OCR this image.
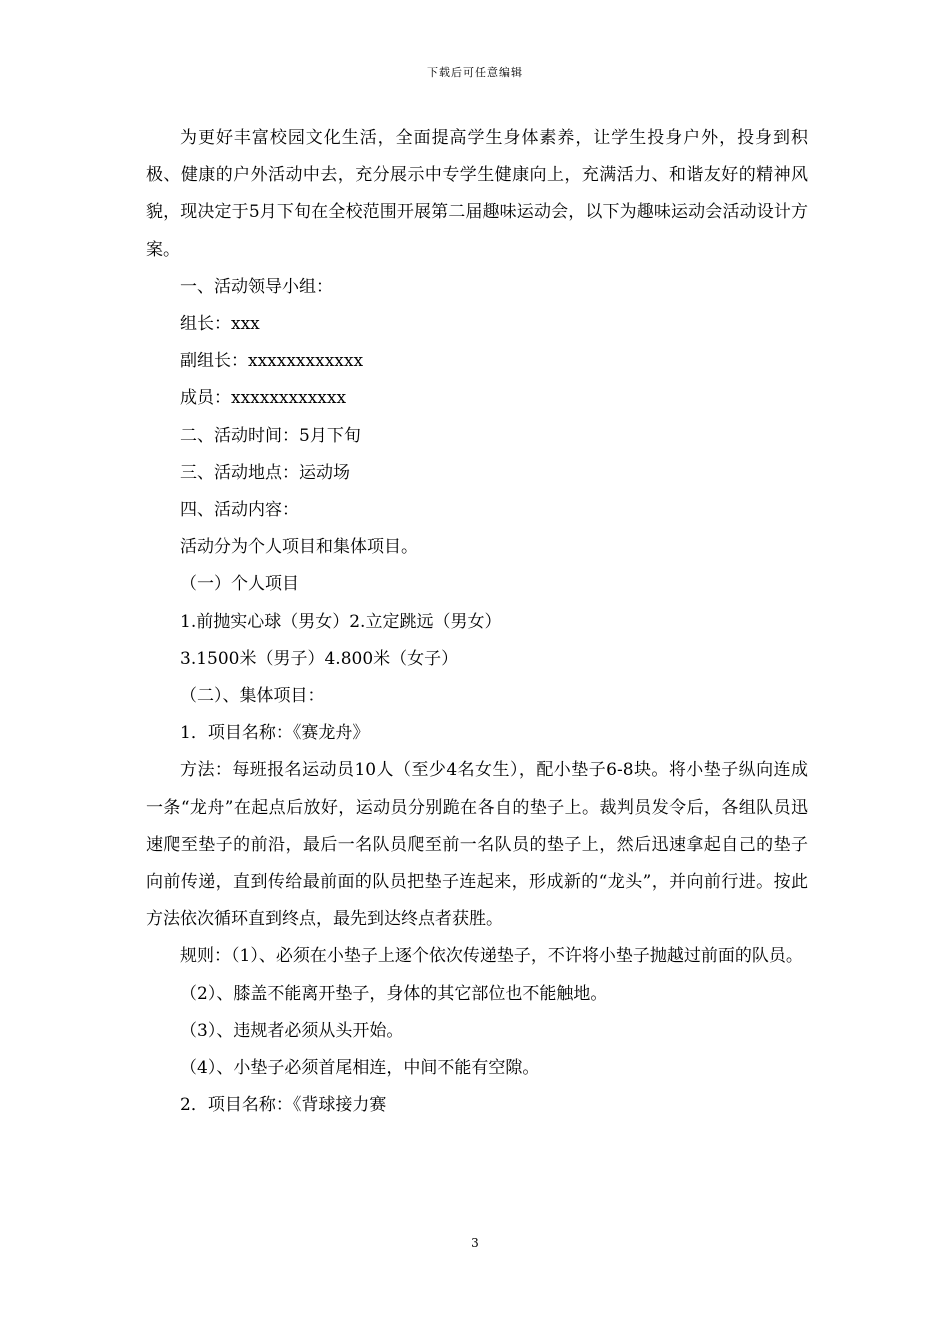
下载后可任意编辑

为更好丰富校园文化生活，全面提高学生身体素养，让学生投身户外，投身到积极、健康的户外活动中去，充分展示中专学生健康向上，充满活力、和谐友好的精神风貌，现决定于5月下旬在全校范围开展第二届趣味运动会，以下为趣味运动会活动设计方案。

一、活动领导小组：

组长：xxx

副组长：xxxxxxxxxxxx

成员：xxxxxxxxxxxx

二、活动时间：5月下旬

三、活动地点：运动场

四、活动内容：

活动分为个人项目和集体项目。

（一）个人项目

1.前抛实心球（男女）2.立定跳远（男女）

3.1500米（男子）4.800米（女子）

（二）、集体项目：

1．项目名称：《赛龙舟》

方法：每班报名运动员10人（至少4名女生），配小垫子6-8块。将小垫子纵向连成一条“龙舟”在起点后放好，运动员分别跪在各自的垫子上。裁判员发令后，各组队员迅速爬至垫子的前沿，最后一名队员爬至前一名队员的垫子上，然后迅速拿起自己的垫子向前传递，直到传给最前面的队员把垫子连起来，形成新的“龙头”，并向前行进。按此方法依次循环直到终点，最先到达终点者获胜。

规则：（1）、必须在小垫子上逐个依次传递垫子，不许将小垫子抛越过前面的队员。

（2）、膝盖不能离开垫子，身体的其它部位也不能触地。

（3）、违规者必须从头开始。

（4）、小垫子必须首尾相连，中间不能有空隙。

2．项目名称：《背球接力赛

3
